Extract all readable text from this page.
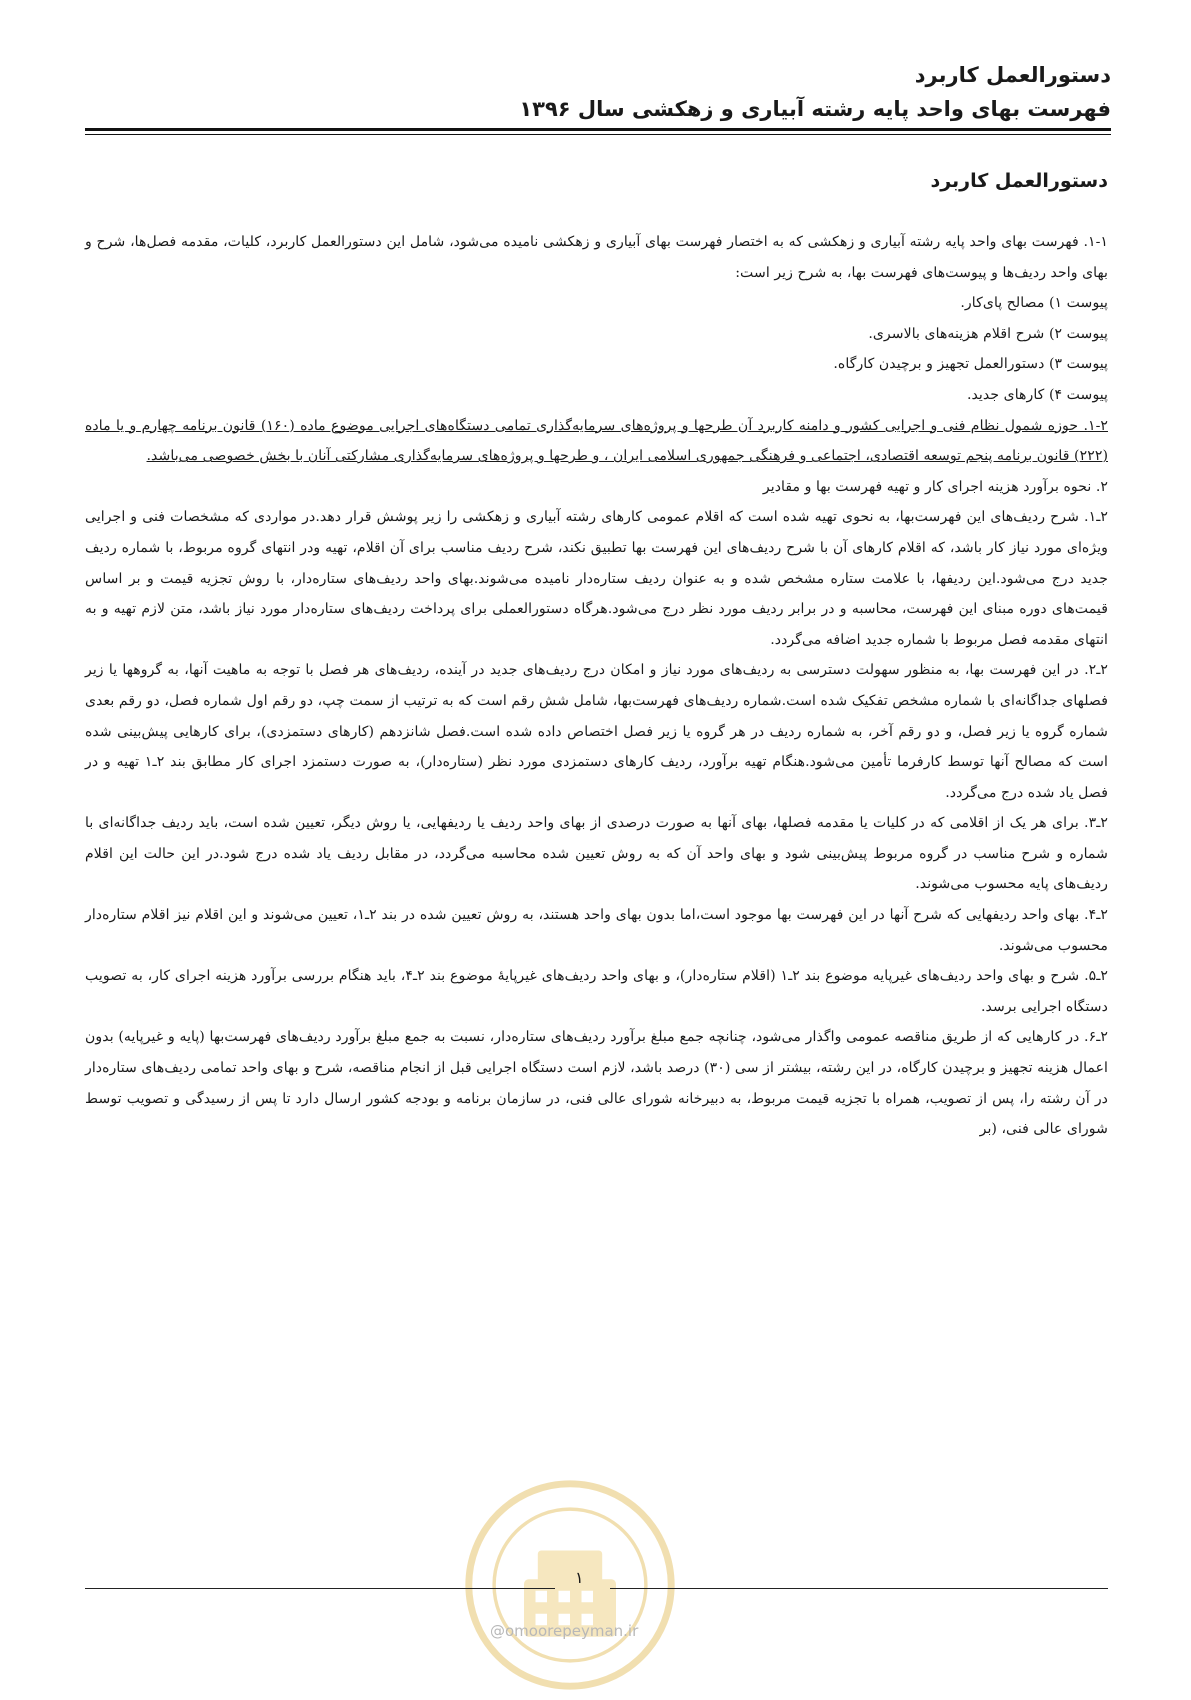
دستورالعمل کاربرد
فهرست بهای واحد پایه رشته آبیاری و زهکشی سال ۱۳۹۶
دستورالعمل کاربرد

۱-۱. فهرست بهای واحد پایه رشته آبیاری و زهکشی که به اختصار فهرست بهای آبیاری و زهکشی نامیده می‌شود، شامل این دستورالعمل کاربرد، کلیات، مقدمه فصل‌ها، شرح و بهای واحد ردیف‌ها و پیوست‌های فهرست بها، به شرح زیر است:

پیوست ۱) مصالح پای‌کار.

پیوست ۲) شرح اقلام هزینه‌های بالاسری.

پیوست ۳) دستورالعمل تجهیز و برچیدن کارگاه.

پیوست ۴) کارهای جدید.

۱-۲. حوزه شمول نظام فنی و اجرایی کشور و دامنه کاربرد آن طرحها و پروژه‌های سرمایه‌گذاری تمامی دستگاه‌های اجرایی موضوع ماده (۱۶۰) قانون برنامه چهارم و یا ماده (۲۲۲) قانون برنامه پنجم توسعه اقتصادی، اجتماعی و فرهنگی جمهوری اسلامی ایران ، و طرحها و پروژه‌های سرمایه‌گذاری مشارکتی آنان با بخش خصوصی می‌باشد.

۲. نحوه برآورد هزینه اجرای کار و تهیه فهرست بها و مقادیر

۲ـ۱. شرح ردیف‌های این فهرست‌بها، به نحوی تهیه شده است که اقلام عمومی کارهای رشته آبیاری و زهکشی را زیر پوشش قرار دهد.در مواردی که مشخصات فنی و اجرایی ویژه‌ای مورد نیاز کار باشد، که اقلام کارهای آن با شرح ردیف‌های این فهرست بها تطبیق نکند، شرح ردیف مناسب برای آن اقلام، تهیه ودر انتهای گروه مربوط، با شماره ردیف جدید درج می‌شود.این ردیفها، با علامت ستاره مشخص شده و به عنوان ردیف ستاره‌دار نامیده می‌شوند.بهای واحد ردیف‌های ستاره‌دار، با روش تجزیه قیمت و بر اساس قیمت‌های دوره مبنای این فهرست، محاسبه و در برابر ردیف مورد نظر درج می‌شود.هرگاه دستورالعملی برای پرداخت ردیف‌های ستاره‌دار مورد نیاز باشد، متن لازم تهیه و به انتهای مقدمه فصل مربوط با شماره جدید اضافه می‌گردد.

۲ـ۲. در این فهرست بها، به منظور سهولت دسترسی به ردیف‌های مورد نیاز و امکان درج ردیف‌های جدید در آینده، ردیف‌های هر فصل با توجه به ماهیت آنها، به گروهها یا زیر فصلهای جداگانه‌ای با شماره مشخص تفکیک شده است.شماره ردیف‌های فهرست‌بها، شامل شش رقم است که به ترتیب از سمت چپ، دو رقم اول شماره فصل، دو رقم بعدی شماره گروه یا زیر فصل، و دو رقم آخر، به شماره ردیف در هر گروه یا زیر فصل اختصاص داده شده است.فصل شانزدهم (کارهای دستمزدی)، برای کارهایی پیش‌بینی شده است که مصالح آنها توسط کارفرما تأمین می‌شود.هنگام تهیه برآورد، ردیف کارهای دستمزدی مورد نظر (ستاره‌دار)، به صورت دستمزد اجرای کار مطابق بند ۲ـ۱ تهیه و در فصل یاد شده درج می‌گردد.

۲ـ۳. برای هر یک از اقلامی که در کلیات یا مقدمه فصلها، بهای آنها به صورت درصدی از بهای واحد ردیف یا ردیفهایی، یا روش دیگر، تعیین شده است، باید ردیف جداگانه‌ای با شماره و شرح مناسب در گروه مربوط پیش‌بینی شود و بهای واحد آن که به روش تعیین شده محاسبه می‌گردد، در مقابل ردیف یاد شده درج شود.در این حالت این اقلام ردیف‌های پایه محسوب می‌شوند.

۲ـ۴. بهای واحد ردیفهایی که شرح آنها در این فهرست بها موجود است،اما بدون بهای واحد هستند، به روش تعیین شده در بند ۲ـ۱، تعیین می‌شوند و این اقلام نیز اقلام ستاره‌دار محسوب می‌شوند.

۲ـ۵. شرح و بهای واحد ردیف‌های غیرپایه موضوع بند ۲ـ۱ (اقلام ستاره‌دار)، و بهای واحد ردیف‌های غیرپایهٔ موضوع بند ۲ـ۴، باید هنگام بررسی برآورد هزینه اجرای کار، به تصویب دستگاه اجرایی برسد.

۲ـ۶. در کارهایی که از طریق مناقصه عمومی واگذار می‌شود، چنانچه جمع مبلغ برآورد ردیف‌های ستاره‌دار، نسبت به جمع مبلغ برآورد ردیف‌های فهرست‌بها (پایه و غیرپایه) بدون اعمال هزینه تجهیز و برچیدن کارگاه، در این رشته، بیشتر از سی (۳۰) درصد باشد، لازم است دستگاه اجرایی قبل از انجام مناقصه، شرح و بهای واحد تمامی ردیف‌های ستاره‌دار در آن رشته را، پس از تصویب، همراه با تجزیه قیمت مربوط، به دبیرخانه شورای عالی فنی، در سازمان برنامه و بودجه کشور ارسال دارد تا پس از رسیدگی و تصویب توسط شورای عالی فنی، (بر

۱
@omoorepeyman.ir
